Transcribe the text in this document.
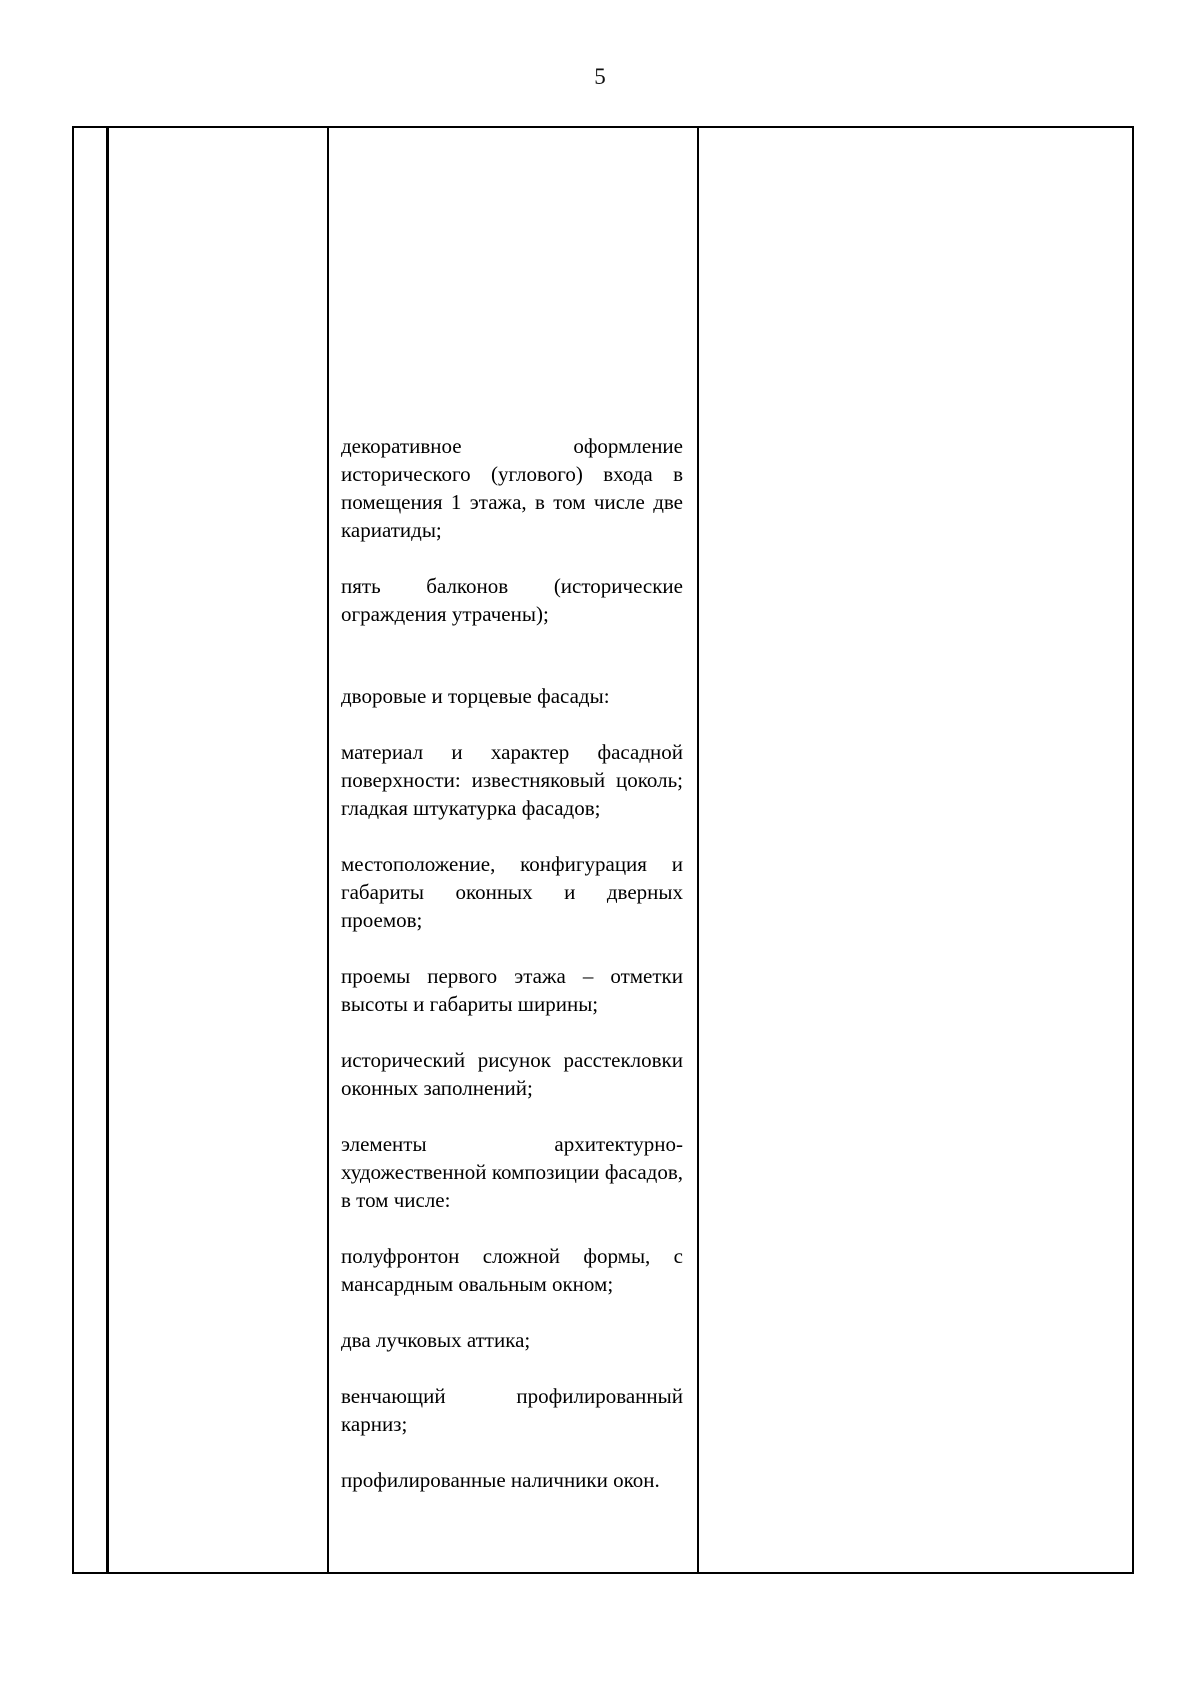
5

декоративное оформление исторического (углового) входа в помещения 1 этажа, в том числе две кариатиды;

пять балконов (исторические ограждения утрачены);

дворовые и торцевые фасады:

материал и характер фасадной поверхности: известняковый цоколь; гладкая штукатурка фасадов;

местоположение, конфигурация и габариты оконных и дверных проемов;

проемы первого этажа – отметки высоты и габариты ширины;

исторический рисунок расстекловки оконных заполнений;

элементы архитектурно-художественной композиции фасадов, в том числе:

полуфронтон сложной формы, с мансардным овальным окном;

два лучковых аттика;

венчающий профилированный карниз;

профилированные наличники окон.
